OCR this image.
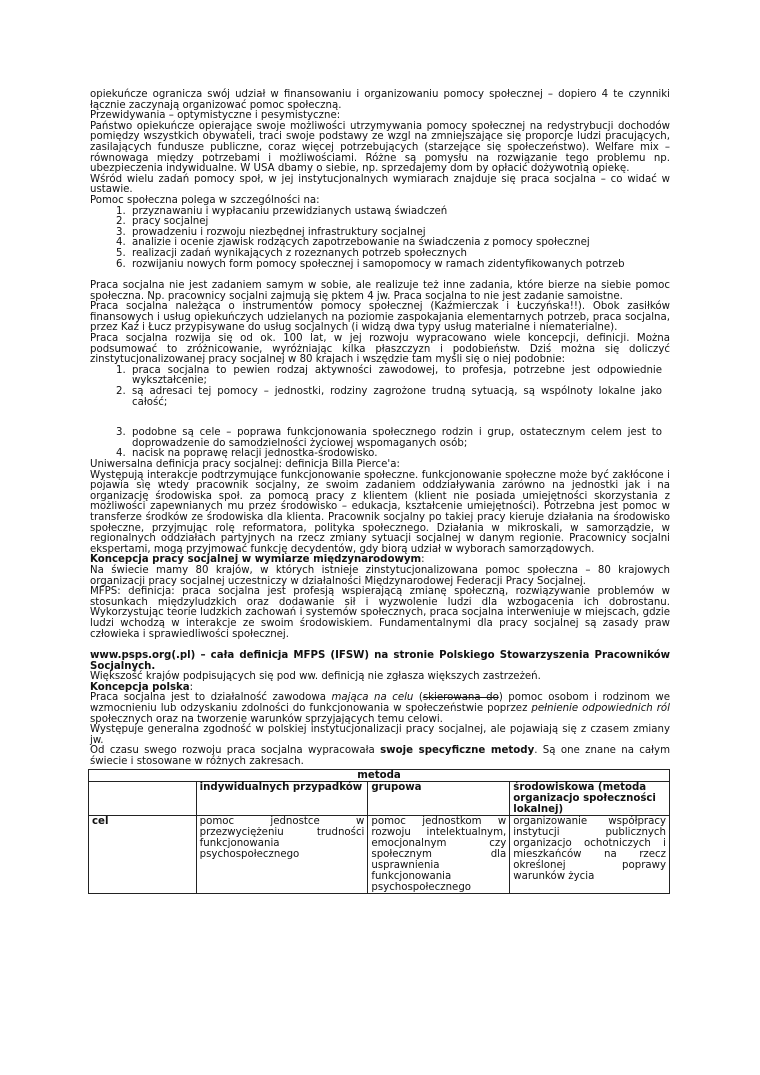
opiekuńcze ogranicza swój udział w finansowaniu i organizowaniu pomocy społecznej – dopiero 4 te czynniki łącznie zaczynają organizować pomoc społeczną.

Przewidywania – optymistyczne i pesymistyczne:

Państwo opiekuńcze opierające swoje możliwości utrzymywania pomocy społecznej na redystrybucji dochodów pomiędzy wszystkich obywateli, traci swoje podstawy ze wzgl na zmniejszające się proporcje ludzi pracujących, zasilających fundusze publiczne, coraz więcej potrzebujących (starzejące się społeczeństwo). Welfare mix – równowaga między potrzebami i możliwościami. Różne są pomysłu na rozwiązanie tego problemu np. ubezpieczenia indywidualne. W USA dbamy o siebie, np. sprzedajemy dom by opłacić dożywotnią opiekę.

Wśród wielu zadań pomocy społ, w jej instytucjonalnych wymiarach znajduje się praca socjalna – co widać w ustawie.

Pomoc społeczna polega w szczególności na:

1. przyznawaniu i wypłacaniu przewidzianych ustawą świadczeń
2. pracy socjalnej
3. prowadzeniu i rozwoju niezbędnej infrastruktury socjalnej
4. analizie i ocenie zjawisk rodzących zapotrzebowanie na świadczenia z pomocy społecznej
5. realizacji zadań wynikających z rozeznanych potrzeb społecznych
6. rozwijaniu nowych form pomocy społecznej i samopomocy w ramach zidentyfikowanych potrzeb

Praca socjalna nie jest zadaniem samym w sobie, ale realizuje też inne zadania, które bierze na siebie pomoc społeczna. Np. pracownicy socjalni zajmują się pktem 4 jw. Praca socjalna to nie jest zadanie samoistne.

Praca socjalna należąca o instrumentów pomocy społecznej (Kaźmierczak i Łuczyńska!!). Obok zasiłków finansowych i usług opiekuńczych udzielanych na poziomie zaspokajania elementarnych potrzeb, praca socjalna, przez Kaź i Łucz przypisywane do usług socjalnych (i widzą dwa typy usług materialne i niematerialne).

Praca socjalna rozwija się od ok. 100 lat, w jej rozwoju wypracowano wiele koncepcji, definicji. Można podsumować to zróżnicowanie, wyróżniając kilka płaszczyzn i podobieństw. Dziś można się doliczyć zinstytucjonalizowanej pracy socjalnej w 80 krajach i wszędzie tam myśli się o niej podobnie:

1. praca socjalna to pewien rodzaj aktywności zawodowej, to profesja, potrzebne jest odpowiednie wykształcenie;
2. są adresaci tej pomocy – jednostki, rodziny zagrożone trudną sytuacją, są wspólnoty lokalne jako całość;
3. podobne są cele – poprawa funkcjonowania społecznego rodzin i grup, ostatecznym celem jest to doprowadzenie do samodzielności życiowej wspomaganych osób;
4. nacisk na poprawę relacji jednostka-środowisko.

Uniwersalna definicja pracy socjalnej: definicja Billa Pierce'a:

Występują interakcje podtrzymujące funkcjonowanie społeczne. funkcjonowanie społeczne może być zakłócone i pojawia się wtedy pracownik socjalny, ze swoim zadaniem oddziaływania zarówno na jednostki jak i na organizację środowiska społ. za pomocą pracy z klientem (klient nie posiada umiejętności skorzystania z możliwości zapewnianych mu przez środowisko – edukacja, kształcenie umiejętności). Potrzebna jest pomoc w transferze środków ze środowiska dla klienta. Pracownik socjalny po takiej pracy kieruje działania na środowisko społeczne, przyjmując rolę reformatora, polityka społecznego. Działania w mikroskali, w samorządzie, w regionalnych oddziałach partyjnych na rzecz zmiany sytuacji socjalnej w danym regionie. Pracownicy socjalni ekspertami, mogą przyjmować funkcję decydentów, gdy biorą udział w wyborach samorządowych.

Koncepcja pracy socjalnej w wymiarze międzynarodowym:

Na świecie mamy 80 krajów, w których istnieje zinstytucjonalizowana pomoc społeczna – 80 krajowych organizacji pracy socjalnej uczestniczy w działalności Międzynarodowej Federacji Pracy Socjalnej.

MFPS: definicja: praca socjalna jest profesją wspierającą zmianę społeczną, rozwiązywanie problemów w stosunkach międzyludzkich oraz dodawanie sił i wyzwolenie ludzi dla wzbogacenia ich dobrostanu. Wykorzystując teorie ludzkich zachowań i systemów społecznych, praca socjalna interweniuje w miejscach, gdzie ludzi wchodzą w interakcje ze swoim środowiskiem. Fundamentalnymi dla pracy socjalnej są zasady praw człowieka i sprawiedliwości społecznej.

www.psps.org(.pl) – cała definicja MFPS (IFSW) na stronie Polskiego Stowarzyszenia Pracowników Socjalnych.

Większość krajów podpisujących się pod ww. definicją nie zgłasza większych zastrzeżeń.

Koncepcja polska:

Praca socjalna jest to działalność zawodowa mająca na celu (skierowana do) pomoc osobom i rodzinom we wzmocnieniu lub odzyskaniu zdolności do funkcjonowania w społeczeństwie poprzez pełnienie odpowiednich ról społecznych oraz na tworzenie warunków sprzyjających temu celowi.

Występuje generalna zgodność w polskiej instytucjonalizacji pracy socjalnej, ale pojawiają się z czasem zmiany jw.

Od czasu swego rozwoju praca socjalna wypracowała swoje specyficzne metody. Są one znane na całym świecie i stosowane w różnych zakresach.

metoda			
	indywidualnych przypadków	grupowa	środowiskowa (metoda organizacjo społeczności lokalnej)
cel	pomoc jednostce w przezwyciężeniu trudności funkcjonowania psychospołecznego	pomoc jednostkom w rozwoju intelektualnym, emocjonalnym czy społecznym dla usprawnienia funkcjonowania psychospołecznego	organizowanie współpracy instytucji publicznych organizacjo ochotniczych i mieszkańców na rzecz określonej poprawy warunków życia
